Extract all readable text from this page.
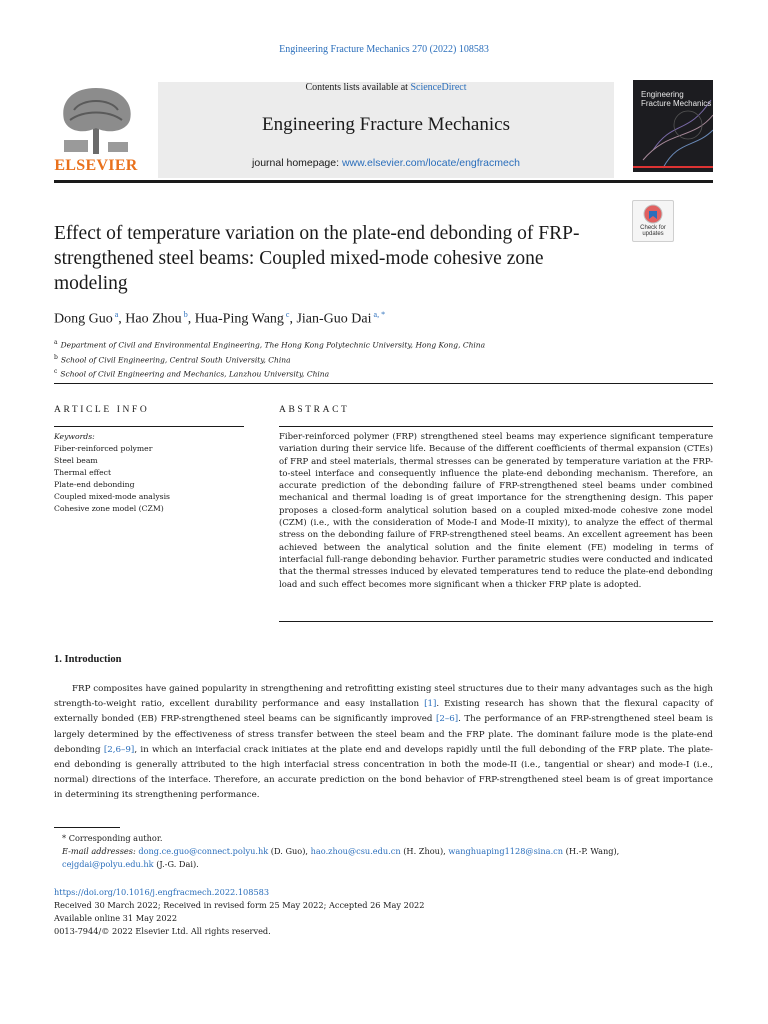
Engineering Fracture Mechanics 270 (2022) 108583
ELSEVIER
Contents lists available at ScienceDirect
Engineering Fracture Mechanics
journal homepage: www.elsevier.com/locate/engfracmech
Engineering
Fracture Mechanics
Effect of temperature variation on the plate-end debonding of FRP-strengthened steel beams: Coupled mixed-mode cohesive zone modeling
Check for updates
Dong Guo $^a$, Hao Zhou $^b$, Hua-Ping Wang $^c$, Jian-Guo Dai $^{a, *}$
$^a$ Department of Civil and Environmental Engineering, The Hong Kong Polytechnic University, Hong Kong, China
$^b$ School of Civil Engineering, Central South University, China
$^c$ School of Civil Engineering and Mechanics, Lanzhou University, China
ARTICLE INFO
Keywords:
Fiber-reinforced polymer
Steel beam
Thermal effect
Plate-end debonding
Coupled mixed-mode analysis
Cohesive zone model (CZM)
ABSTRACT
Fiber-reinforced polymer (FRP) strengthened steel beams may experience significant temperature variation during their service life. Because of the different coefficients of thermal expansion (CTEs) of FRP and steel materials, thermal stresses can be generated by temperature variation at the FRP-to-steel interface and consequently influence the plate-end debonding mechanism. Therefore, an accurate prediction of the debonding failure of FRP-strengthened steel beams under combined mechanical and thermal loading is of great importance for the strengthening design. This paper proposes a closed-form analytical solution based on a coupled mixed-mode cohesive zone model (CZM) (i.e., with the consideration of Mode-I and Mode-II mixity), to analyze the effect of thermal stress on the debonding failure of FRP-strengthened steel beams. An excellent agreement has been achieved between the analytical solution and the finite element (FE) modeling in terms of interfacial full-range debonding behavior. Further parametric studies were conducted and indicated that the thermal stresses induced by elevated temperatures tend to reduce the plate-end debonding load and such effect becomes more significant when a thicker FRP plate is adopted.
1. Introduction
FRP composites have gained popularity in strengthening and retrofitting existing steel structures due to their many advantages such as the high strength-to-weight ratio, excellent durability performance and easy installation [1]. Existing research has shown that the flexural capacity of externally bonded (EB) FRP-strengthened steel beams can be significantly improved [2–6]. The performance of an FRP-strengthened steel beam is largely determined by the effectiveness of stress transfer between the steel beam and the FRP plate. The dominant failure mode is the plate-end debonding [2,6–9], in which an interfacial crack initiates at the plate end and develops rapidly until the full debonding of the FRP plate. The plate-end debonding is generally attributed to the high interfacial stress concentration in both the mode-II (i.e., tangential or shear) and mode-I (i.e., normal) directions of the interface. Therefore, an accurate prediction on the bond behavior of FRP-strengthened steel beam is of great importance in determining its strengthening performance.
* Corresponding author.
E-mail addresses: dong.ce.guo@connect.polyu.hk (D. Guo), hao.zhou@csu.edu.cn (H. Zhou), wanghuaping1128@sina.cn (H.-P. Wang), cejgdai@polyu.edu.hk (J.-G. Dai).
https://doi.org/10.1016/j.engfracmech.2022.108583
Received 30 March 2022; Received in revised form 25 May 2022; Accepted 26 May 2022
Available online 31 May 2022
0013-7944/© 2022 Elsevier Ltd. All rights reserved.
